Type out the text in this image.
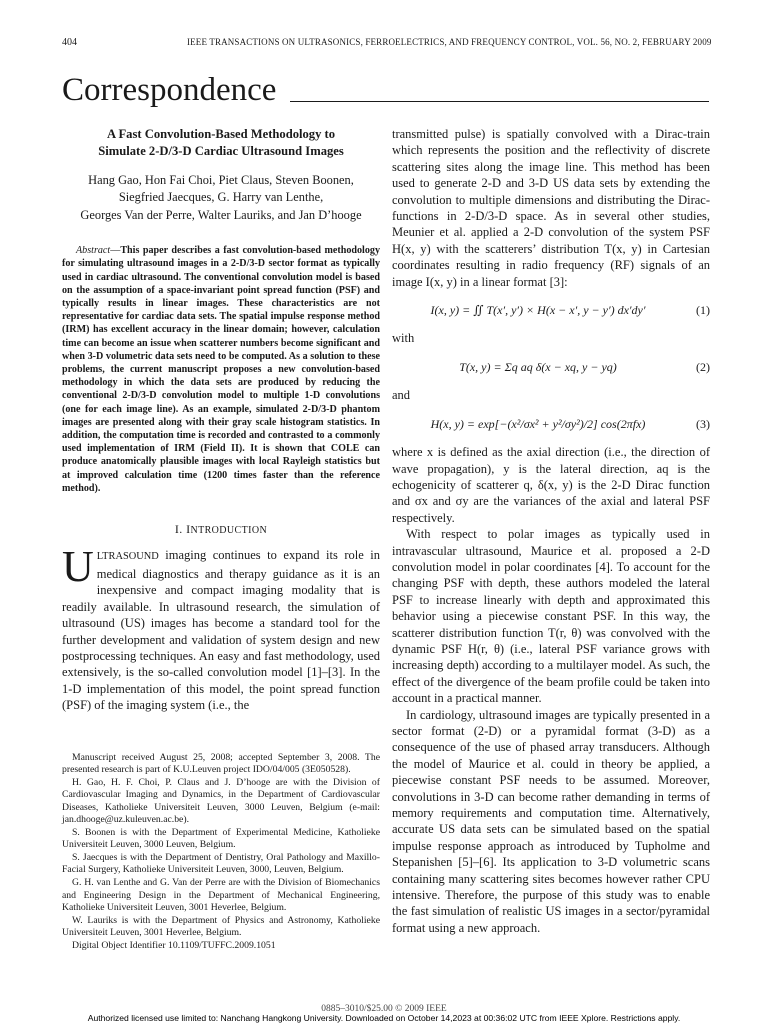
404	IEEE TRANSACTIONS ON ULTRASONICS, FERROELECTRICS, AND FREQUENCY CONTROL, VOL. 56, NO. 2, FEBRUARY 2009
Correspondence

A Fast Convolution-Based Methodology to
Simulate 2-D/3-D Cardiac Ultrasound Images

Hang Gao, Hon Fai Choi, Piet Claus, Steven Boonen,
Siegfried Jaecques, G. Harry van Lenthe,
Georges Van der Perre, Walter Lauriks, and Jan D’hooge

Abstract—This paper describes a fast convolution-based methodology for simulating ultrasound images in a 2-D/3-D sector format as typically used in cardiac ultrasound. The conventional convolution model is based on the assumption of a space-invariant point spread function (PSF) and typically results in linear images. These characteristics are not representative for cardiac data sets. The spatial impulse response method (IRM) has excellent accuracy in the linear domain; however, calculation time can become an issue when scatterer numbers become significant and when 3-D volumetric data sets need to be computed. As a solution to these problems, the current manuscript proposes a new convolution-based methodology in which the data sets are produced by reducing the conventional 2-D/3-D convolution model to multiple 1-D convolutions (one for each image line). As an example, simulated 2-D/3-D phantom images are presented along with their gray scale histogram statistics. In addition, the computation time is recorded and contrasted to a commonly used implementation of IRM (Field II). It is shown that COLE can produce anatomically plausible images with local Rayleigh statistics but at improved calculation time (1200 times faster than the reference method).

I. INTRODUCTION

ULTRASOUND imaging continues to expand its role in medical diagnostics and therapy guidance as it is an inexpensive and compact imaging modality that is readily available. In ultrasound research, the simulation of ultrasound (US) images has become a standard tool for the further development and validation of system design and new postprocessing techniques. An easy and fast methodology, used extensively, is the so-called convolution model [1]–[3]. In the 1-D implementation of this model, the point spread function (PSF) of the imaging system (i.e., the

Manuscript received August 25, 2008; accepted September 3, 2008. The presented research is part of K.U.Leuven project IDO/04/005 (3E050528).

H. Gao, H. F. Choi, P. Claus and J. D’hooge are with the Division of Cardiovascular Imaging and Dynamics, in the Department of Cardiovascular Diseases, Katholieke Universiteit Leuven, 3000 Leuven, Belgium (e-mail: jan.dhooge@uz.kuleuven.ac.be).

S. Boonen is with the Department of Experimental Medicine, Katholieke Universiteit Leuven, 3000 Leuven, Belgium.

S. Jaecques is with the Department of Dentistry, Oral Pathology and Maxillo-Facial Surgery, Katholieke Universiteit Leuven, 3000, Leuven, Belgium.

G. H. van Lenthe and G. Van der Perre are with the Division of Biomechanics and Engineering Design in the Department of Mechanical Engineering, Katholieke Universiteit Leuven, 3001 Heverlee, Belgium.

W. Lauriks is with the Department of Physics and Astronomy, Katholieke Universiteit Leuven, 3001 Heverlee, Belgium.

Digital Object Identifier 10.1109/TUFFC.2009.1051

transmitted pulse) is spatially convolved with a Dirac-train which represents the position and the reflectivity of discrete scattering sites along the image line. This method has been used to generate 2-D and 3-D US data sets by extending the convolution to multiple dimensions and distributing the Dirac-functions in 2-D/3-D space. As in several other studies, Meunier et al. applied a 2-D convolution of the system PSF H(x, y) with the scatterers’ distribution T(x, y) in Cartesian coordinates resulting in radio frequency (RF) signals of an image I(x, y) in a linear format [3]:

I(x, y) = ∬ T(x′, y′) × H(x − x′, y − y′) dx′dy′	(1)

with

T(x, y) = Σq aq δ(x − xq, y − yq)	(2)

and

H(x, y) = exp[−(x²/σx² + y²/σy²)/2] cos(2πfx)	(3)

where x is defined as the axial direction (i.e., the direction of wave propagation), y is the lateral direction, aq is the echogenicity of scatterer q, δ(x, y) is the 2-D Dirac function and σx and σy are the variances of the axial and lateral PSF respectively.

With respect to polar images as typically used in intravascular ultrasound, Maurice et al. proposed a 2-D convolution model in polar coordinates [4]. To account for the changing PSF with depth, these authors modeled the lateral PSF to increase linearly with depth and approximated this behavior using a piecewise constant PSF. In this way, the scatterer distribution function T(r, θ) was convolved with the dynamic PSF H(r, θ) (i.e., lateral PSF variance grows with increasing depth) according to a multilayer model. As such, the effect of the divergence of the beam profile could be taken into account in a practical manner.

In cardiology, ultrasound images are typically presented in a sector format (2-D) or a pyramidal format (3-D) as a consequence of the use of phased array transducers. Although the model of Maurice et al. could in theory be applied, a piecewise constant PSF needs to be assumed. Moreover, convolutions in 3-D can become rather demanding in terms of memory requirements and computation time. Alternatively, accurate US data sets can be simulated based on the spatial impulse response approach as introduced by Tupholme and Stepanishen [5]–[6]. Its application to 3-D volumetric scans containing many scattering sites becomes however rather CPU intensive. Therefore, the purpose of this study was to enable the fast simulation of realistic US images in a sector/pyramidal format using a new approach.

0885–3010/$25.00 © 2009 IEEE
Authorized licensed use limited to: Nanchang Hangkong University. Downloaded on October 14,2023 at 00:36:02 UTC from IEEE Xplore. Restrictions apply.
